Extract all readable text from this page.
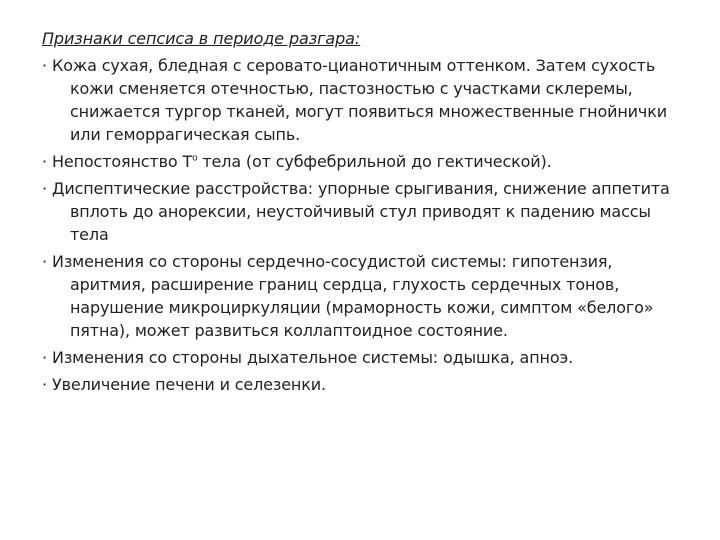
Признаки сепсиса в периоде разгара:
· Кожа сухая, бледная с серовато-цианотичным оттенком. Затем сухость кожи сменяется отечностью, пастозностью с участками склеремы, снижается тургор тканей, могут появиться множественные гнойнички или геморрагическая сыпь.
· Непостоянство $Т^о$ тела (от субфебрильной до гектической).
· Диспептические расстройства: упорные срыгивания, снижение аппетита вплоть до анорексии, неустойчивый стул приводят к падению массы тела
· Изменения со стороны сердечно-сосудистой системы: гипотензия, аритмия, расширение границ сердца, глухость сердечных тонов, нарушение микроциркуляции (мраморность кожи, симптом «белого» пятна), может развиться коллаптоидное состояние.
· Изменения со стороны дыхательное системы: одышка, апноэ.
· Увеличение печени и селезенки.
